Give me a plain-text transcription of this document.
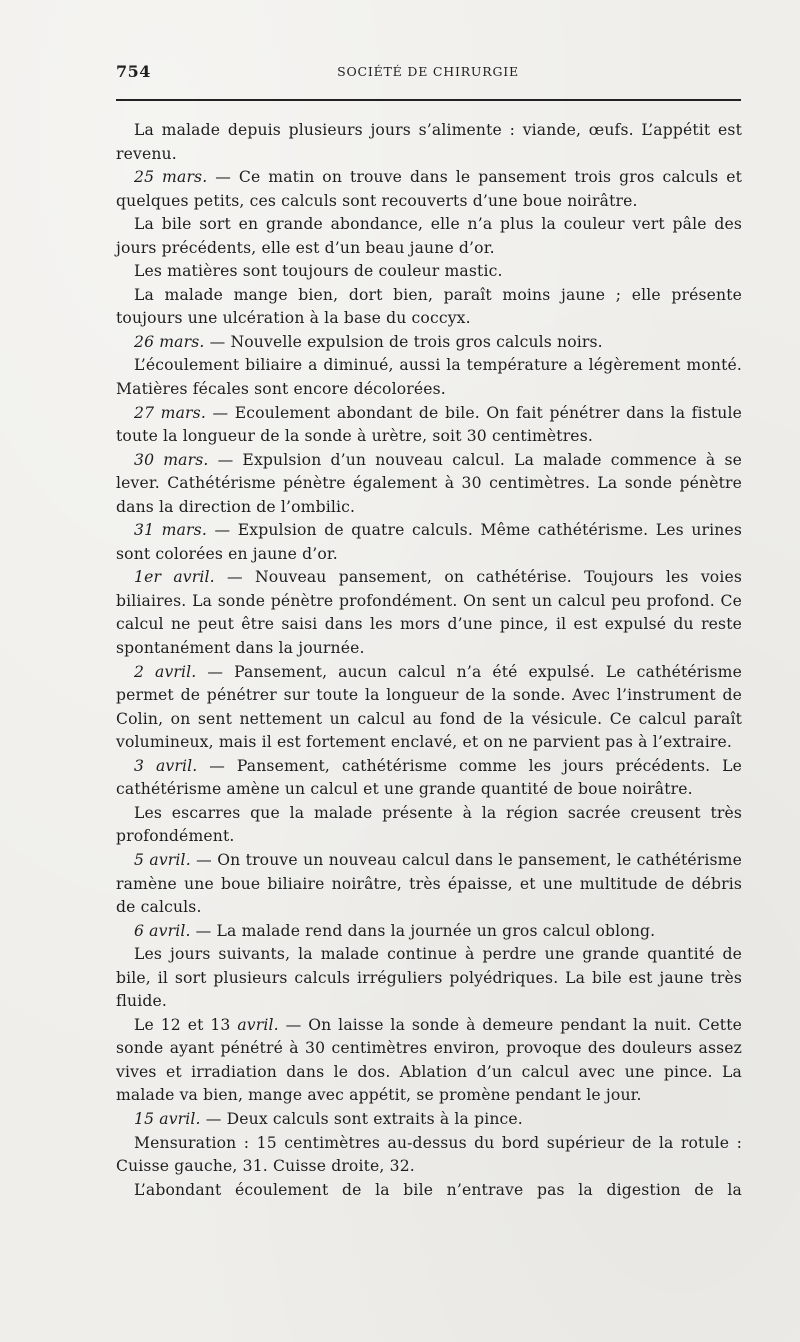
754	SOCIÉTÉ DE CHIRURGIE

La malade depuis plusieurs jours s’alimente : viande, œufs. L’appétit est revenu.

25 mars. — Ce matin on trouve dans le pansement trois gros calculs et quelques petits, ces calculs sont recouverts d’une boue noirâtre.

La bile sort en grande abondance, elle n’a plus la couleur vert pâle des jours précédents, elle est d’un beau jaune d’or.

Les matières sont toujours de couleur mastic.

La malade mange bien, dort bien, paraît moins jaune ; elle présente toujours une ulcération à la base du coccyx.

26 mars. — Nouvelle expulsion de trois gros calculs noirs.

L’écoulement biliaire a diminué, aussi la température a légèrement monté. Matières fécales sont encore décolorées.

27 mars. — Ecoulement abondant de bile. On fait pénétrer dans la fistule toute la longueur de la sonde à urètre, soit 30 centimètres.

30 mars. — Expulsion d’un nouveau calcul. La malade commence à se lever. Cathétérisme pénètre également à 30 centimètres. La sonde pénètre dans la direction de l’ombilic.

31 mars. — Expulsion de quatre calculs. Même cathétérisme. Les urines sont colorées en jaune d’or.

1er avril. — Nouveau pansement, on cathétérise. Toujours les voies biliaires. La sonde pénètre profondément. On sent un calcul peu profond. Ce calcul ne peut être saisi dans les mors d’une pince, il est expulsé du reste spontanément dans la journée.

2 avril. — Pansement, aucun calcul n’a été expulsé. Le cathétérisme permet de pénétrer sur toute la longueur de la sonde. Avec l’instrument de Colin, on sent nettement un calcul au fond de la vésicule. Ce calcul paraît volumineux, mais il est fortement enclavé, et on ne parvient pas à l’extraire.

3 avril. — Pansement, cathétérisme comme les jours précédents. Le cathétérisme amène un calcul et une grande quantité de boue noirâtre.

Les escarres que la malade présente à la région sacrée creusent très profondément.

5 avril. — On trouve un nouveau calcul dans le pansement, le cathétérisme ramène une boue biliaire noirâtre, très épaisse, et une multitude de débris de calculs.

6 avril. — La malade rend dans la journée un gros calcul oblong.

Les jours suivants, la malade continue à perdre une grande quantité de bile, il sort plusieurs calculs irréguliers polyédriques. La bile est jaune très fluide.

Le 12 et 13 avril. — On laisse la sonde à demeure pendant la nuit. Cette sonde ayant pénétré à 30 centimètres environ, provoque des douleurs assez vives et irradiation dans le dos. Ablation d’un calcul avec une pince. La malade va bien, mange avec appétit, se promène pendant le jour.

15 avril. — Deux calculs sont extraits à la pince.

Mensuration : 15 centimètres au-dessus du bord supérieur de la rotule : Cuisse gauche, 31. Cuisse droite, 32.

L’abondant écoulement de la bile n’entrave pas la digestion de la
